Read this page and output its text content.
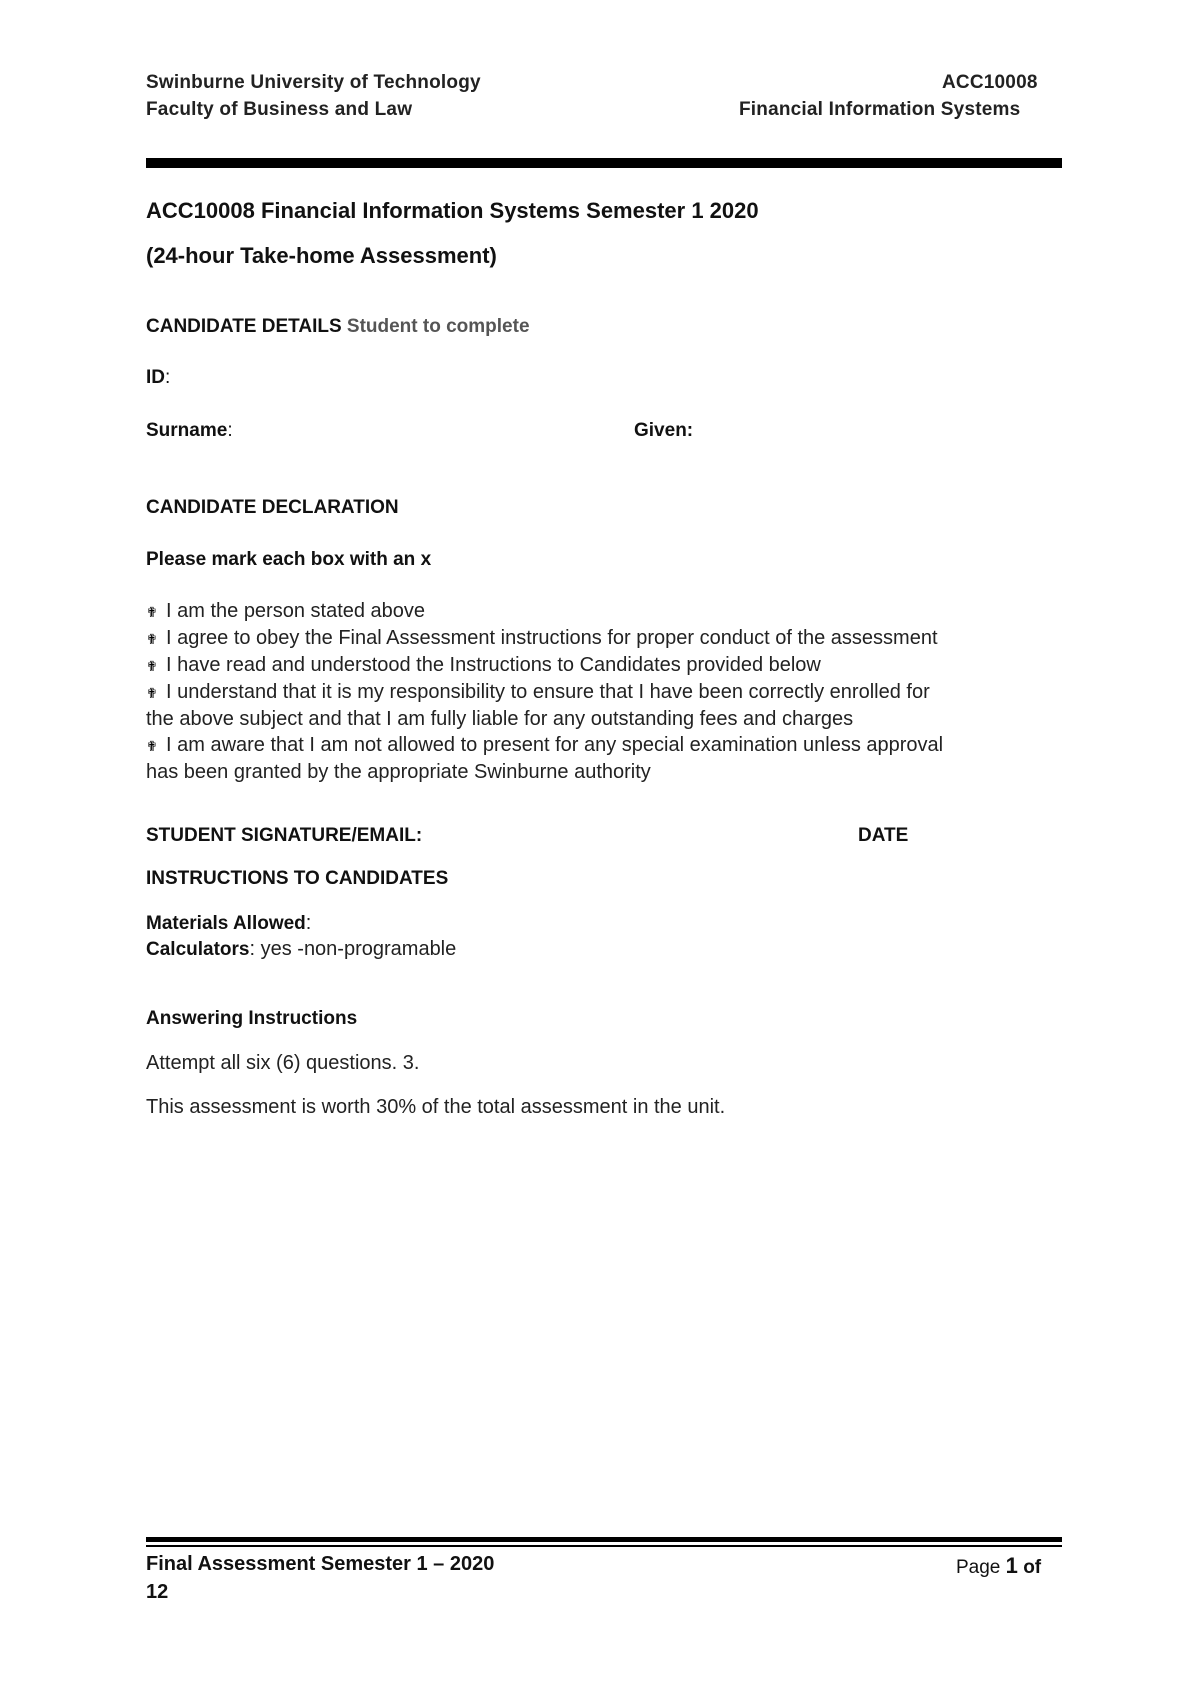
Swinburne University of Technology
Faculty of Business and Law
ACC10008
Financial Information Systems
ACC10008 Financial Information Systems Semester 1 2020
(24-hour Take-home Assessment)
CANDIDATE DETAILS Student to complete
ID:
Surname:	Given:
CANDIDATE DECLARATION
Please mark each box with an x
✟ I am the person stated above
✟ I agree to obey the Final Assessment instructions for proper conduct of the assessment
✟ I have read and understood the Instructions to Candidates provided below
✟ I understand that it is my responsibility to ensure that I have been correctly enrolled for
the above subject and that I am fully liable for any outstanding fees and charges
✟ I am aware that I am not allowed to present for any special examination unless approval
has been granted by the appropriate Swinburne authority
STUDENT SIGNATURE/EMAIL:	DATE
INSTRUCTIONS TO CANDIDATES
Materials Allowed:
Calculators: yes -non-programable
Answering Instructions
Attempt all six (6) questions. 3.
This assessment is worth 30% of the total assessment in the unit.
Final Assessment Semester 1 – 2020	Page 1 of
12
